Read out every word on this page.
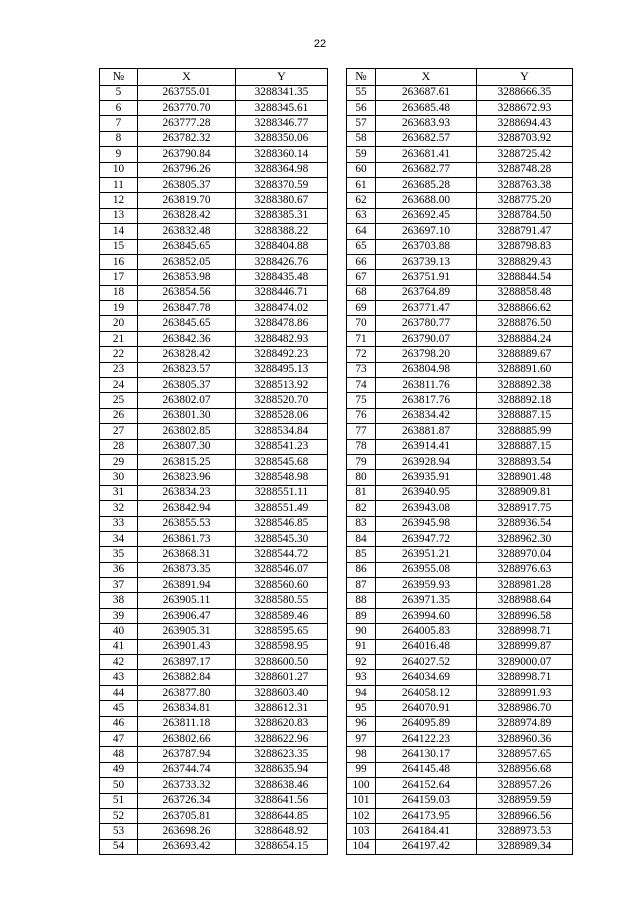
22
№	X	Y		№	X	Y
5	263755.01	3288341.35		55	263687.61	3288666.35
6	263770.70	3288345.61		56	263685.48	3288672.93
7	263777.28	3288346.77		57	263683.93	3288694.43
8	263782.32	3288350.06		58	263682.57	3288703.92
9	263790.84	3288360.14		59	263681.41	3288725.42
10	263796.26	3288364.98		60	263682.77	3288748.28
11	263805.37	3288370.59		61	263685.28	3288763.38
12	263819.70	3288380.67		62	263688.00	3288775.20
13	263828.42	3288385.31		63	263692.45	3288784.50
14	263832.48	3288388.22		64	263697.10	3288791.47
15	263845.65	3288404.88		65	263703.88	3288798.83
16	263852.05	3288426.76		66	263739.13	3288829.43
17	263853.98	3288435.48		67	263751.91	3288844.54
18	263854.56	3288446.71		68	263764.89	3288858.48
19	263847.78	3288474.02		69	263771.47	3288866.62
20	263845.65	3288478.86		70	263780.77	3288876.50
21	263842.36	3288482.93		71	263790.07	3288884.24
22	263828.42	3288492.23		72	263798.20	3288889.67
23	263823.57	3288495.13		73	263804.98	3288891.60
24	263805.37	3288513.92		74	263811.76	3288892.38
25	263802.07	3288520.70		75	263817.76	3288892.18
26	263801.30	3288528.06		76	263834.42	3288887.15
27	263802.85	3288534.84		77	263881.87	3288885.99
28	263807.30	3288541.23		78	263914.41	3288887.15
29	263815.25	3288545.68		79	263928.94	3288893.54
30	263823.96	3288548.98		80	263935.91	3288901.48
31	263834.23	3288551.11		81	263940.95	3288909.81
32	263842.94	3288551.49		82	263943.08	3288917.75
33	263855.53	3288546.85		83	263945.98	3288936.54
34	263861.73	3288545.30		84	263947.72	3288962.30
35	263868.31	3288544.72		85	263951.21	3288970.04
36	263873.35	3288546.07		86	263955.08	3288976.63
37	263891.94	3288560.60		87	263959.93	3288981.28
38	263905.11	3288580.55		88	263971.35	3288988.64
39	263906.47	3288589.46		89	263994.60	3288996.58
40	263905.31	3288595.65		90	264005.83	3288998.71
41	263901.43	3288598.95		91	264016.48	3288999.87
42	263897.17	3288600.50		92	264027.52	3289000.07
43	263882.84	3288601.27		93	264034.69	3288998.71
44	263877.80	3288603.40		94	264058.12	3288991.93
45	263834.81	3288612.31		95	264070.91	3288986.70
46	263811.18	3288620.83		96	264095.89	3288974.89
47	263802.66	3288622.96		97	264122.23	3288960.36
48	263787.94	3288623.35		98	264130.17	3288957.65
49	263744.74	3288635.94		99	264145.48	3288956.68
50	263733.32	3288638.46		100	264152.64	3288957.26
51	263726.34	3288641.56		101	264159.03	3288959.59
52	263705.81	3288644.85		102	264173.95	3288966.56
53	263698.26	3288648.92		103	264184.41	3288973.53
54	263693.42	3288654.15		104	264197.42	3288989.34
